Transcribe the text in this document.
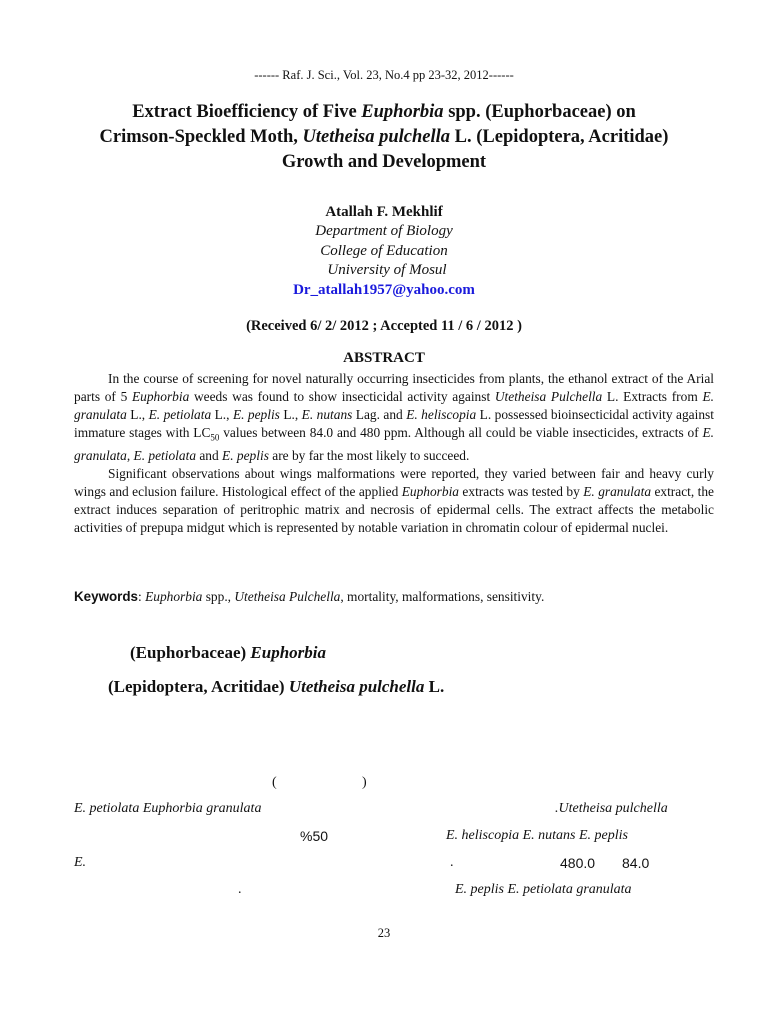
------ Raf. J. Sci., Vol. 23, No.4 pp 23-32, 2012------
Extract Bioefficiency of Five Euphorbia spp. (Euphorbaceae) on
Crimson-Speckled Moth, Utetheisa pulchella L. (Lepidoptera, Acritidae)
Growth and Development
Atallah F. Mekhlif
Department of Biology
College of Education
University of Mosul
Dr_atallah1957@yahoo.com
(Received 6/ 2/ 2012 ; Accepted 11 / 6 / 2012 )
ABSTRACT

In the course of screening for novel naturally occurring insecticides from plants, the ethanol extract of the Arial parts of 5 Euphorbia weeds was found to show insecticidal activity against Utetheisa Pulchella L. Extracts from E. granulata L., E. petiolata L., E. peplis L., E. nutans Lag. and E. heliscopia L. possessed bioinsecticidal activity against immature stages with $LC_{50}$ values between 84.0 and 480 ppm. Although all could be viable insecticides, extracts of E. granulata, E. petiolata and E. peplis are by far the most likely to succeed.

Significant observations about wings malformations were reported, they varied between fair and heavy curly wings and eclusion failure. Histological effect of the applied Euphorbia extracts was tested by E. granulata extract, the extract induces separation of peritrophic matrix and necrosis of epidermal cells. The extract affects the metabolic activities of prepupa midgut which is represented by notable variation in chromatin colour of epidermal nuclei.

Keywords: Euphorbia spp., Utetheisa Pulchella, mortality, malformations, sensitivity.
(Euphorbaceae) Euphorbia
(Lepidoptera, Acritidae) Utetheisa pulchella L.
(	)
E. petiolata Euphorbia granulata	.Utetheisa pulchella
%50	E. heliscopia E. nutans E. peplis
E.	.	480.0 84.0
.	E. peplis E. petiolata granulata
23
